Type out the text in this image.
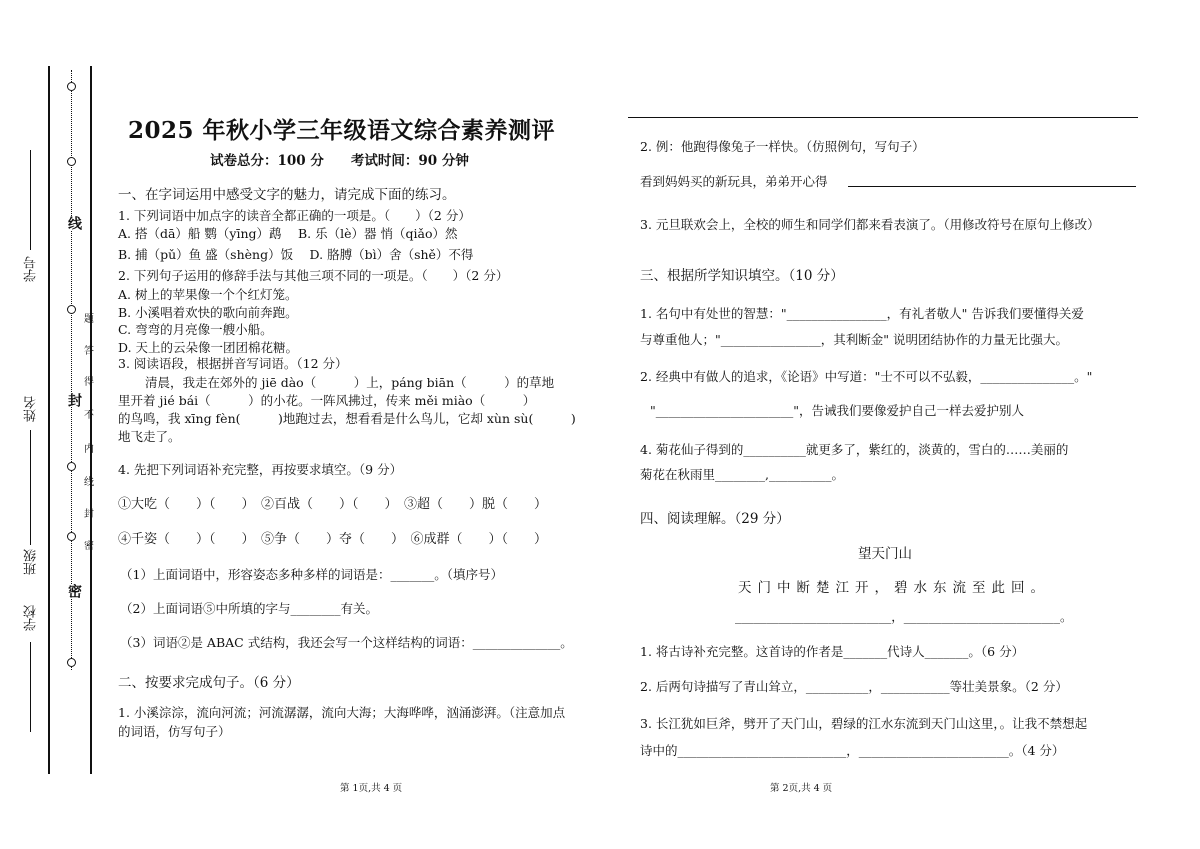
学号
姓名
班级
学校
线
封
密
题
答
得
不
内
线
封
密
2025 年秋小学三年级语文综合素养测评
试卷总分：100 分　　考试时间：90 分钟
一、在字词运用中感受文字的魅力，请完成下面的练习。
1. 下列词语中加点字的读音全都正确的一项是。（　　）（2 分）
A. 搭（dā）船 鹦（yīng）鹉　 B. 乐（lè）器 悄（qiǎo）然
B. 捕（pǔ）鱼 盛（shèng）饭　 D. 胳膊（bì）舍（shě）不得
2. 下列句子运用的修辞手法与其他三项不同的一项是。（　　）（2 分）
A. 树上的苹果像一个个红灯笼。
B. 小溪唱着欢快的歌向前奔跑。
C. 弯弯的月亮像一艘小船。
D. 天上的云朵像一团团棉花糖。
3. 阅读语段，根据拼音写词语。（12 分）
清晨，我走在郊外的 jiē dào（　　　）上，páng biān（　　　）的草地
里开着 jié bái（　　　）的小花。一阵风拂过，传来 měi miào（　　　）
的鸟鸣，我 xīng fèn(　　　)地跑过去，想看看是什么鸟儿，它却 xùn sù(　　　)
地飞走了。
4. 先把下列词语补充完整，再按要求填空。（9 分）
①大吃（　　）（　　）　②百战（　　）（　　）　③超（　　）脱（　　）
④千姿（　　）（　　）　⑤争（　　）夺（　　）　⑥成群（　　）（　　）
（1）上面词语中，形容姿态多种多样的词语是：_______。（填序号）
（2）上面词语⑤中所填的字与________有关。
（3）词语②是 ABAC 式结构，我还会写一个这样结构的词语：______________。
二、按要求完成句子。（6 分）
1. 小溪淙淙，流向河流；河流潺潺，流向大海；大海哗哗，汹涌澎湃。（注意加点
的词语，仿写句子）
第 1页,共 4 页
2. 例：他跑得像兔子一样快。（仿照例句，写句子）
看到妈妈买的新玩具，弟弟开心得
3. 元旦联欢会上，全校的师生和同学们都来看表演了。（用修改符号在原句上修改）
三、根据所学知识填空。（10 分）
1. 名句中有处世的智慧："________________，有礼者敬人" 告诉我们要懂得关爱
与尊重他人；"________________，其利断金" 说明团结协作的力量无比强大。
2. 经典中有做人的追求，《论语》中写道："士不可以不弘毅，_______________。"
"______________________"，告诫我们要像爱护自己一样去爱护别人
4. 菊花仙子得到的__________就更多了，紫红的，淡黄的，雪白的……美丽的
菊花在秋雨里________,__________。
四、阅读理解。（29 分）
望天门山
天门中断楚江开，碧水东流至此回。
_________________________，_________________________。
1. 将古诗补充完整。这首诗的作者是_______代诗人_______。（6 分）
2. 后两句诗描写了青山耸立，__________，___________等壮美景象。（2 分）
3. 长江犹如巨斧，劈开了天门山，碧绿的江水东流到天门山这里，。让我不禁想起
诗中的___________________________，________________________。（4 分）
第 2页,共 4 页
